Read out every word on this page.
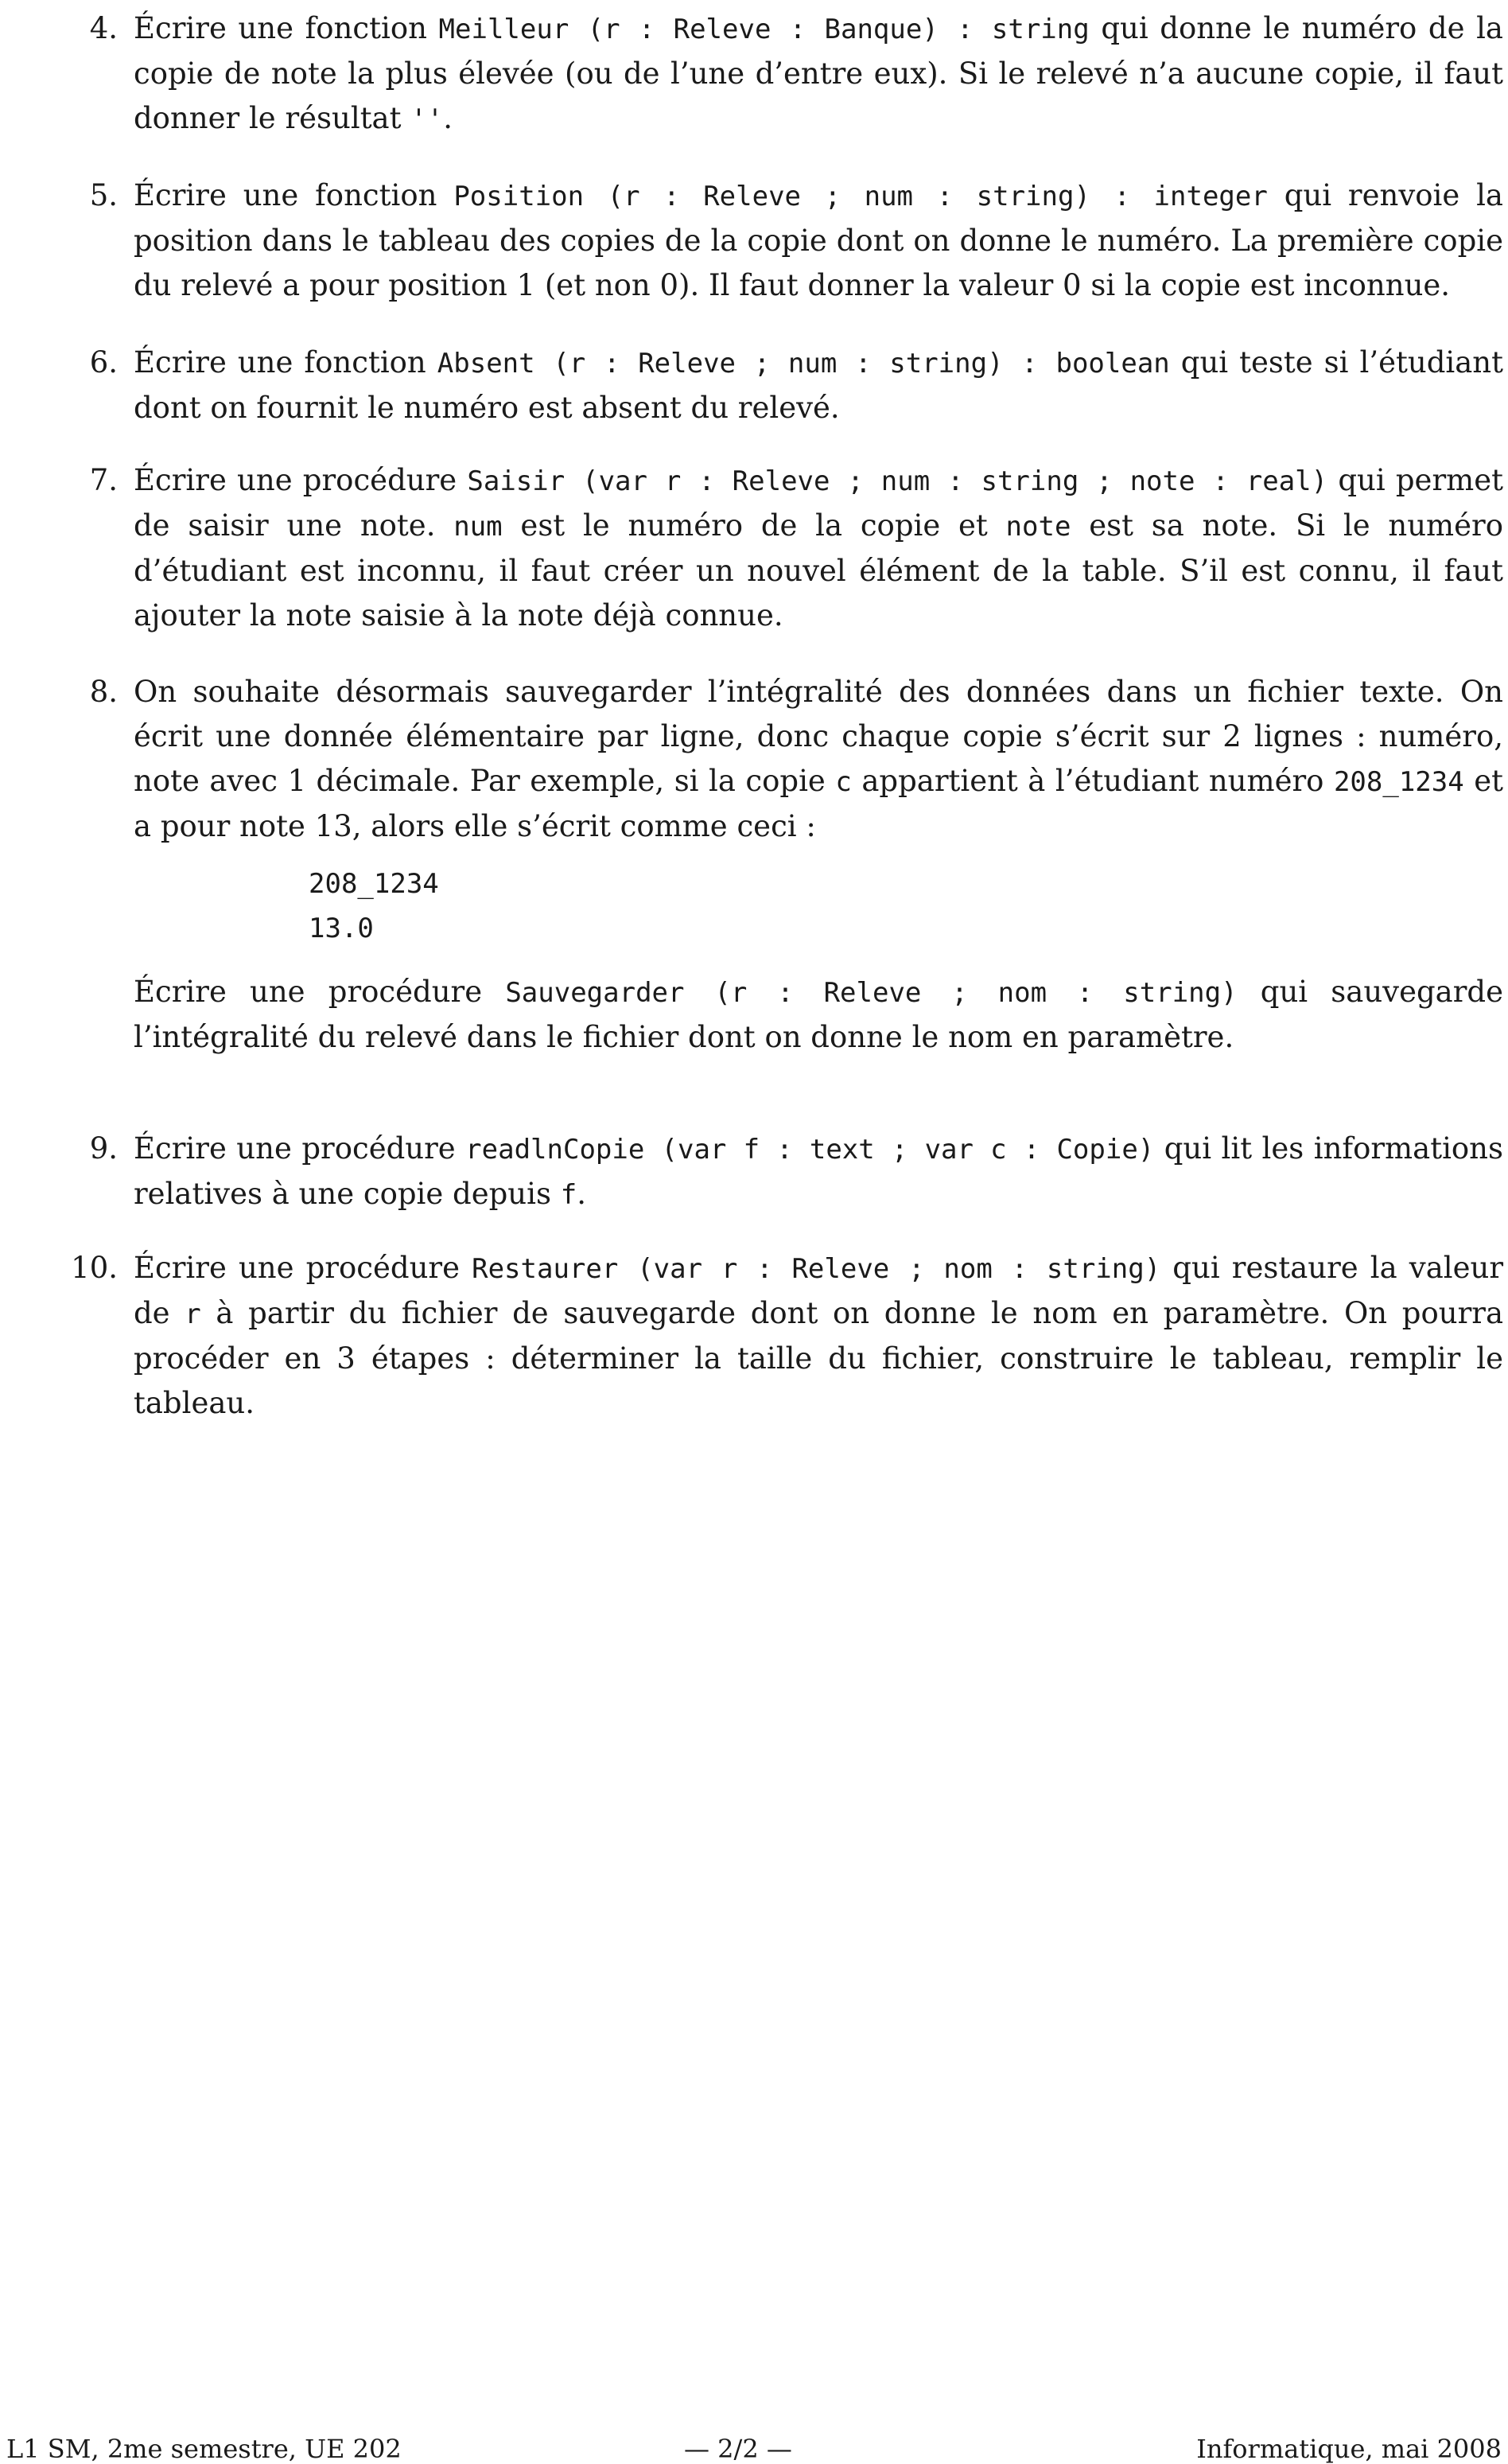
4. Écrire une fonction Meilleur (r : Releve : Banque) : string qui donne le numéro de la copie de note la plus élevée (ou de l’une d’entre eux). Si le relevé n’a aucune copie, il faut donner le résultat ''.
5. Écrire une fonction Position (r : Releve ; num : string) : integer qui renvoie la position dans le tableau des copies de la copie dont on donne le numéro. La première copie du relevé a pour position 1 (et non 0). Il faut donner la valeur 0 si la copie est inconnue.
6. Écrire une fonction Absent (r : Releve ; num : string) : boolean qui teste si l’étudiant dont on fournit le numéro est absent du relevé.
7. Écrire une procédure Saisir (var r : Releve ; num : string ; note : real) qui permet de saisir une note. num est le numéro de la copie et note est sa note. Si le numéro d’étudiant est inconnu, il faut créer un nouvel élément de la table. S’il est connu, il faut ajouter la note saisie à la note déjà connue.
8. On souhaite désormais sauvegarder l’intégralité des données dans un fichier texte. On écrit une donnée élémentaire par ligne, donc chaque copie s’écrit sur 2 lignes : numéro, note avec 1 décimale. Par exemple, si la copie c appartient à l’étudiant numéro 208_1234 et a pour note 13, alors elle s’écrit comme ceci :
208_1234
13.0
Écrire une procédure Sauvegarder (r : Releve ; nom : string) qui sauvegarde l’intégralité du relevé dans le fichier dont on donne le nom en paramètre.
9. Écrire une procédure readlnCopie (var f : text ; var c : Copie) qui lit les informations relatives à une copie depuis f.
10. Écrire une procédure Restaurer (var r : Releve ; nom : string) qui restaure la valeur de r à partir du fichier de sauvegarde dont on donne le nom en paramètre. On pourra procéder en 3 étapes : déterminer la taille du fichier, construire le tableau, remplir le tableau.
L1 SM, 2me semestre, UE 202	— 2/2 —	Informatique, mai 2008
